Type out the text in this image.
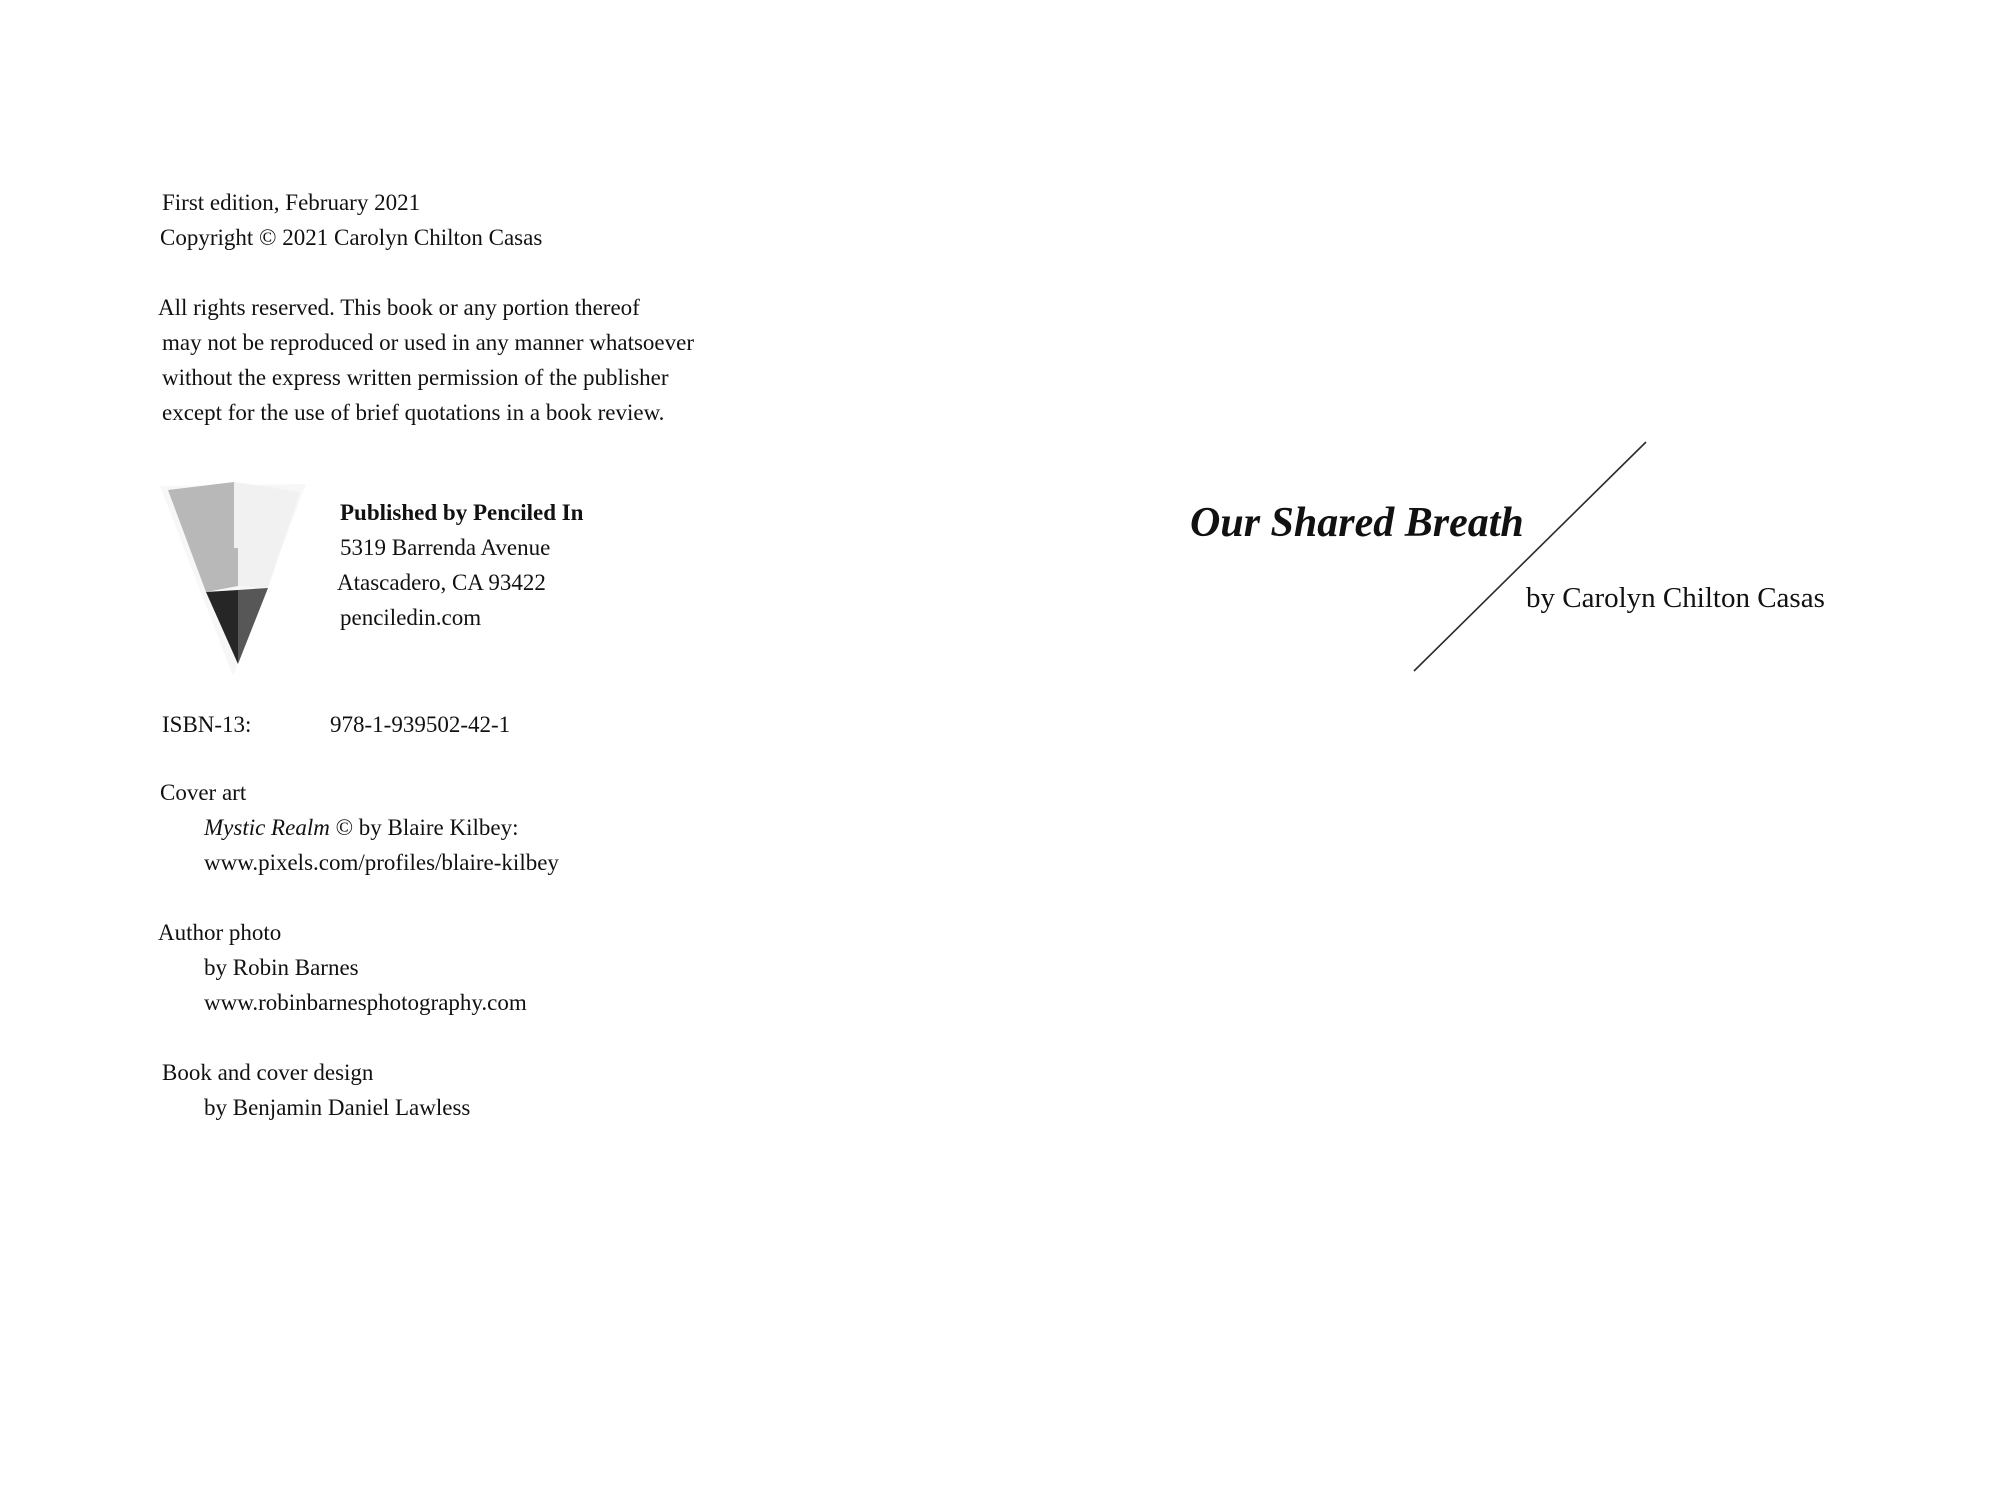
First edition, February 2021
Copyright © 2021 Carolyn Chilton Casas
All rights reserved. This book or any portion thereof
may not be reproduced or used in any manner whatsoever
without the express written permission of the publisher
except for the use of brief quotations in a book review.
Published by Penciled In
5319 Barrenda Avenue
Atascadero, CA 93422
penciledin.com
ISBN-13:	978-1-939502-42-1
Cover art
Mystic Realm © by Blaire Kilbey:
www.pixels.com/profiles/blaire-kilbey
Author photo
by Robin Barnes
www.robinbarnesphotography.com
Book and cover design
by Benjamin Daniel Lawless
Our Shared Breath
by Carolyn Chilton Casas
